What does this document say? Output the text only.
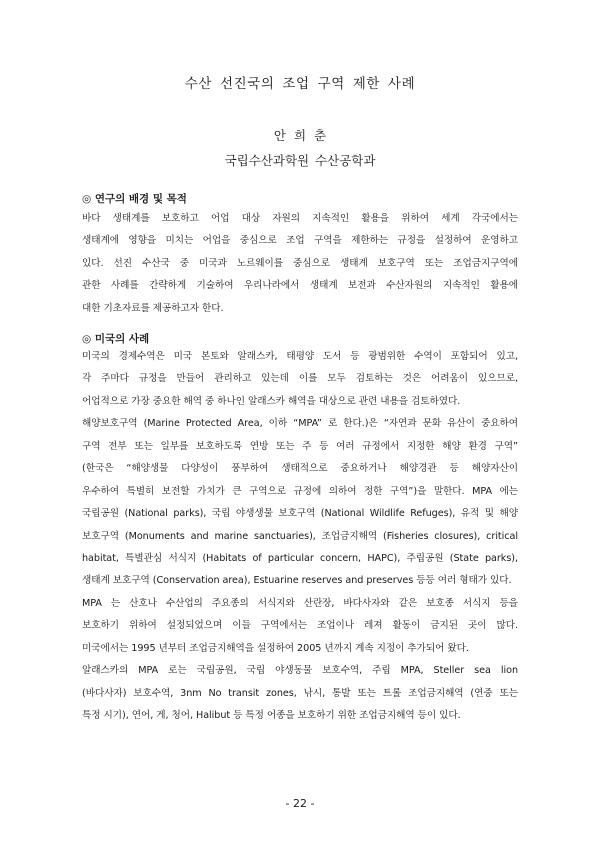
수산 선진국의 조업 구역 제한 사례
안 희 춘
국립수산과학원 수산공학과
◎ 연구의 배경 및 목적
바다 생태계를 보호하고 어업 대상 자원의 지속적인 활용을 위하여 세계 각국에서는
생태계에 영향을 미치는 어업을 중심으로 조업 구역을 제한하는 규정을 설정하여 운영하고
있다. 선진 수산국 중 미국과 노르웨이를 중심으로 생태계 보호구역 또는 조업금지구역에
관한 사례를 간략하게 기술하여 우리나라에서 생태계 보전과 수산자원의 지속적인 활용에
대한 기초자료를 제공하고자 한다.
◎ 미국의 사례
미국의 경제수역은 미국 본토와 알래스카, 태평양 도서 등 광범위한 수역이 포함되어 있고,
각 주마다 규정을 만들어 관리하고 있는데 이를 모두 검토하는 것은 어려움이 있으므로,
어업적으로 가장 중요한 해역 중 하나인 알래스카 해역을 대상으로 관련 내용을 검토하였다.
해양보호구역 (Marine Protected Area, 이하 “MPA” 로 한다.)은 “자연과 문화 유산이 중요하여
구역 전부 또는 일부를 보호하도록 연방 또는 주 등 여러 규정에서 지정한 해양 환경 구역”
(한국은 “해양생물 다양성이 풍부하여 생태적으로 중요하거나 해양경관 등 해양자산이
우수하여 특별히 보전할 가치가 큰 구역으로 규정에 의하여 정한 구역”)을 말한다. MPA 에는
국립공원 (National parks), 국립 야생생물 보호구역 (National Wildlife Refuges), 유적 및 해양
보호구역 (Monuments and marine sanctuaries), 조업금지해역 (Fisheries closures), critical
habitat, 특별관심 서식지 (Habitats of particular concern, HAPC), 주립공원 (State parks),
생태계 보호구역 (Conservation area), Estuarine reserves and preserves 등등 여러 형태가 있다.
MPA 는 산호나 수산업의 주요종의 서식지와 산란장, 바다사자와 같은 보호종 서식지 등을
보호하기 위하여 설정되었으며 이들 구역에서는 조업이나 레져 활동이 금지된 곳이 많다.
미국에서는 1995 년부터 조업금지해역을 설정하여 2005 년까지 계속 지정이 추가되어 왔다.
알래스카의 MPA 로는 국립공원, 국립 야생동물 보호수역, 주립 MPA, Steller sea lion
(바다사자) 보호수역, 3nm No transit zones, 낚시, 통발 또는 트롤 조업금지해역 (연중 또는
특정 시기), 연어, 게, 청어, Halibut 등 특정 어종을 보호하기 위한 조업금지해역 등이 있다.
- 22 -
